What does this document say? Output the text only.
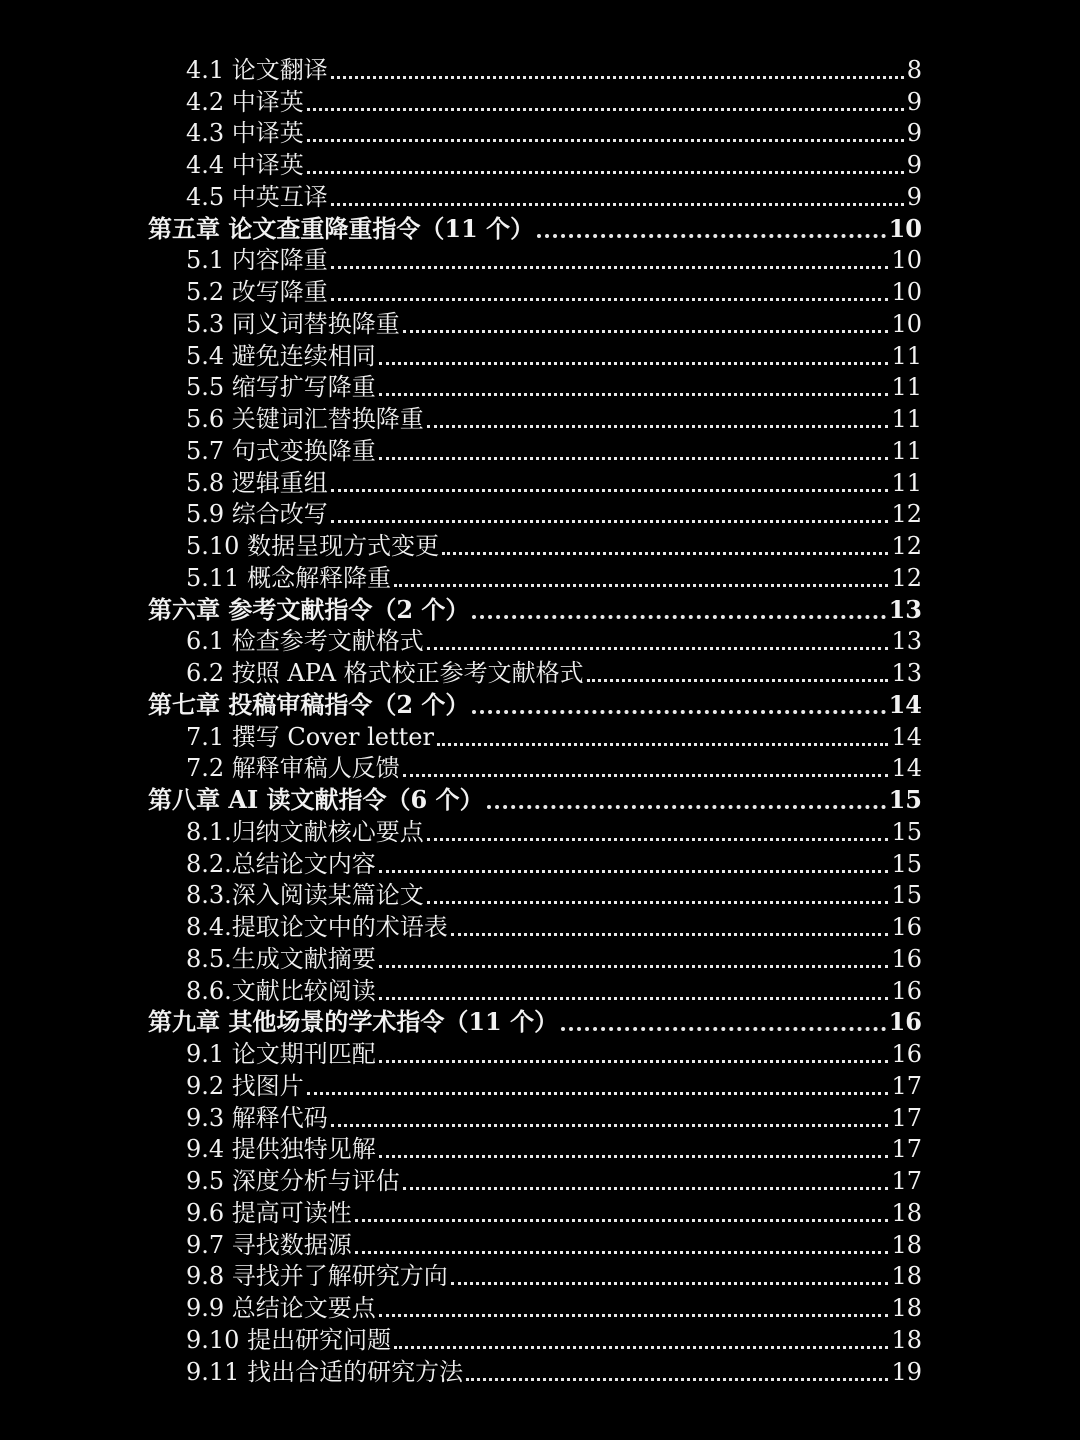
4.1 论文翻译	8
4.2 中译英	9
4.3 中译英	9
4.4 中译英	9
4.5 中英互译	9
第五章 论文查重降重指令（11 个）	10
5.1 内容降重	10
5.2 改写降重	10
5.3 同义词替换降重	10
5.4 避免连续相同	11
5.5 缩写扩写降重	11
5.6 关键词汇替换降重	11
5.7 句式变换降重	11
5.8 逻辑重组	11
5.9 综合改写	12
5.10 数据呈现方式变更	12
5.11 概念解释降重	12
第六章 参考文献指令（2 个）	13
6.1 检查参考文献格式	13
6.2 按照 APA 格式校正参考文献格式	13
第七章 投稿审稿指令（2 个）	14
7.1 撰写 Cover letter	14
7.2 解释审稿人反馈	14
第八章 AI 读文献指令（6 个）	15
8.1.归纳文献核心要点	15
8.2.总结论文内容	15
8.3.深入阅读某篇论文	15
8.4.提取论文中的术语表	16
8.5.生成文献摘要	16
8.6.文献比较阅读	16
第九章 其他场景的学术指令（11 个）	16
9.1 论文期刊匹配	16
9.2 找图片	17
9.3 解释代码	17
9.4 提供独特见解	17
9.5 深度分析与评估	17
9.6 提高可读性	18
9.7 寻找数据源	18
9.8 寻找并了解研究方向	18
9.9 总结论文要点	18
9.10 提出研究问题	18
9.11 找出合适的研究方法	19
